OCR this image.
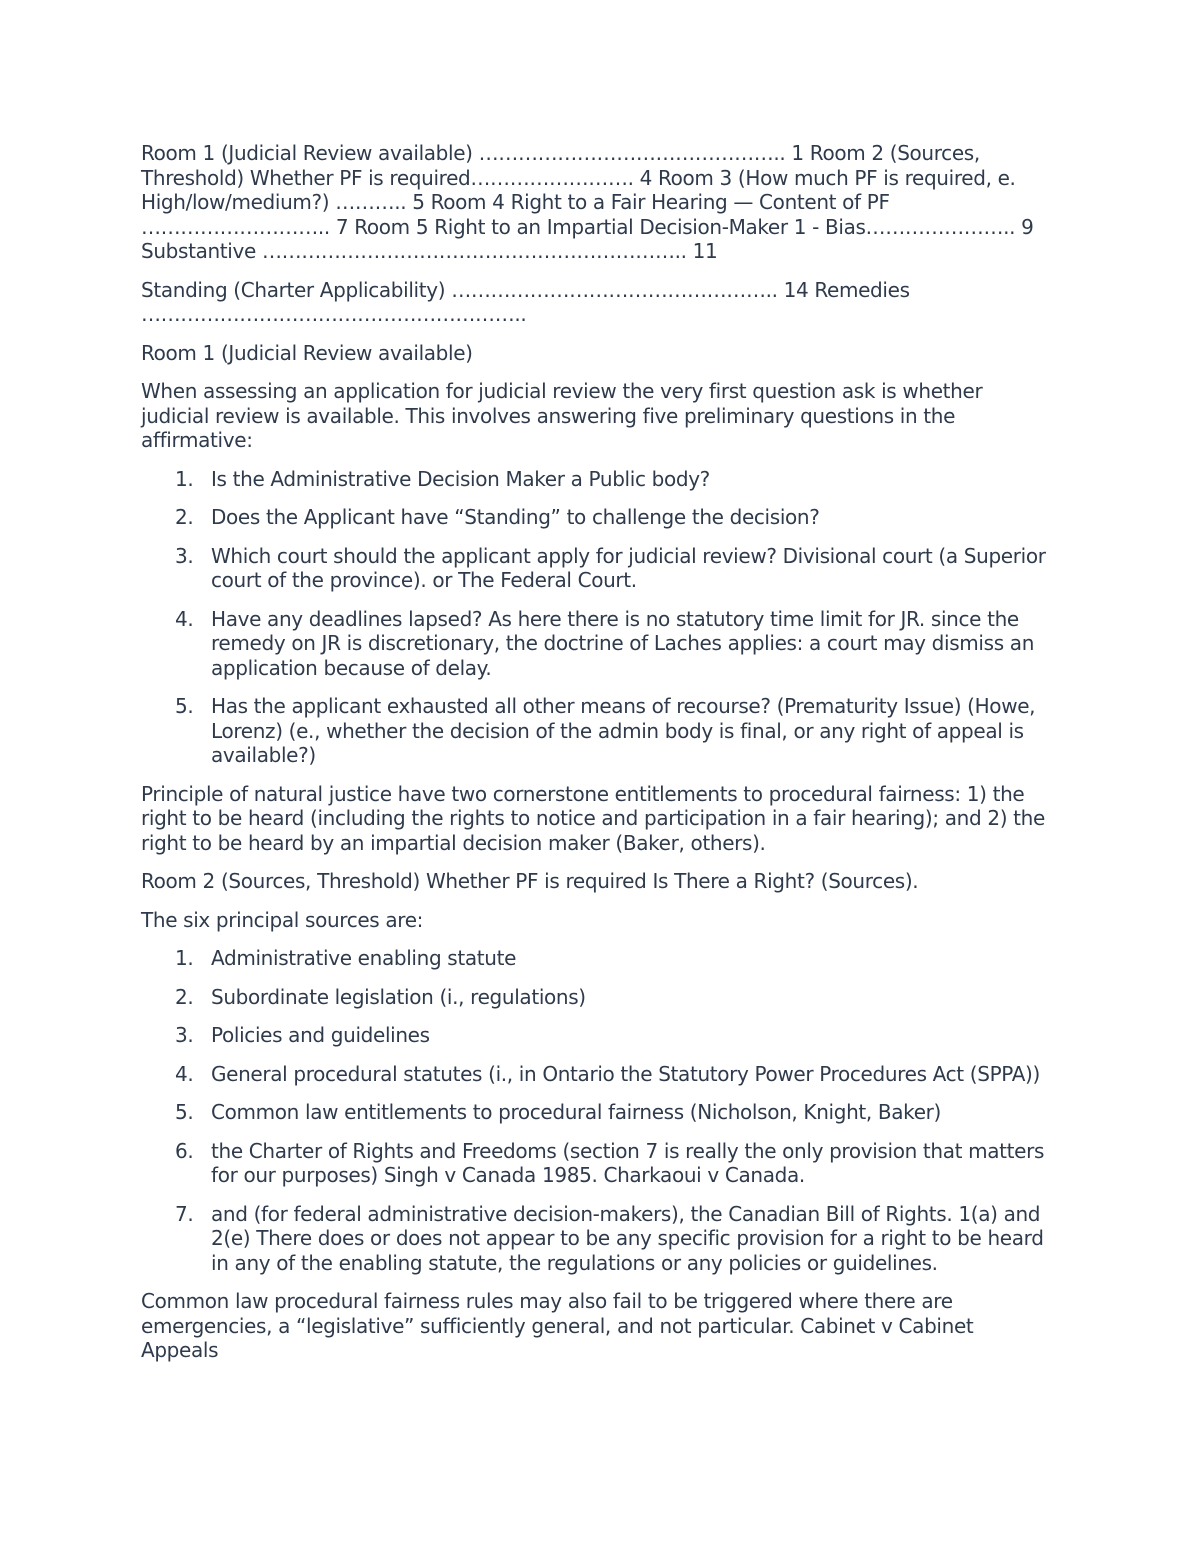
Room 1 (Judicial Review available) ……………………………………….. 1 Room 2 (Sources, Threshold) Whether PF is required……………………. 4 Room 3 (How much PF is required, e. High/low/medium?) ……….. 5 Room 4 Right to a Fair Hearing — Content of PF ……………………….. 7 Room 5 Right to an Impartial Decision-Maker 1 - Bias………………….. 9 Substantive ……………………………………………………….. 11

Standing (Charter Applicability) ………………………………………….. 14 Remedies …………………………………………………..

Room 1 (Judicial Review available)

When assessing an application for judicial review the very first question ask is whether judicial review is available. This involves answering five preliminary questions in the affirmative:

1. Is the Administrative Decision Maker a Public body?
2. Does the Applicant have “Standing” to challenge the decision?
3. Which court should the applicant apply for judicial review? Divisional court (a Superior court of the province). or The Federal Court.
4. Have any deadlines lapsed? As here there is no statutory time limit for JR. since the remedy on JR is discretionary, the doctrine of Laches applies: a court may dismiss an application because of delay.
5. Has the applicant exhausted all other means of recourse? (Prematurity Issue) (Howe, Lorenz) (e., whether the decision of the admin body is final, or any right of appeal is available?)

Principle of natural justice have two cornerstone entitlements to procedural fairness: 1) the right to be heard (including the rights to notice and participation in a fair hearing); and 2) the right to be heard by an impartial decision maker (Baker, others).

Room 2 (Sources, Threshold) Whether PF is required Is There a Right? (Sources).

The six principal sources are:

1. Administrative enabling statute
2. Subordinate legislation (i., regulations)
3. Policies and guidelines
4. General procedural statutes (i., in Ontario the Statutory Power Procedures Act (SPPA))
5. Common law entitlements to procedural fairness (Nicholson, Knight, Baker)
6. the Charter of Rights and Freedoms (section 7 is really the only provision that matters for our purposes) Singh v Canada 1985. Charkaoui v Canada.
7. and (for federal administrative decision-makers), the Canadian Bill of Rights. 1(a) and 2(e) There does or does not appear to be any specific provision for a right to be heard in any of the enabling statute, the regulations or any policies or guidelines.

Common law procedural fairness rules may also fail to be triggered where there are emergencies, a “legislative” sufficiently general, and not particular. Cabinet v Cabinet Appeals
